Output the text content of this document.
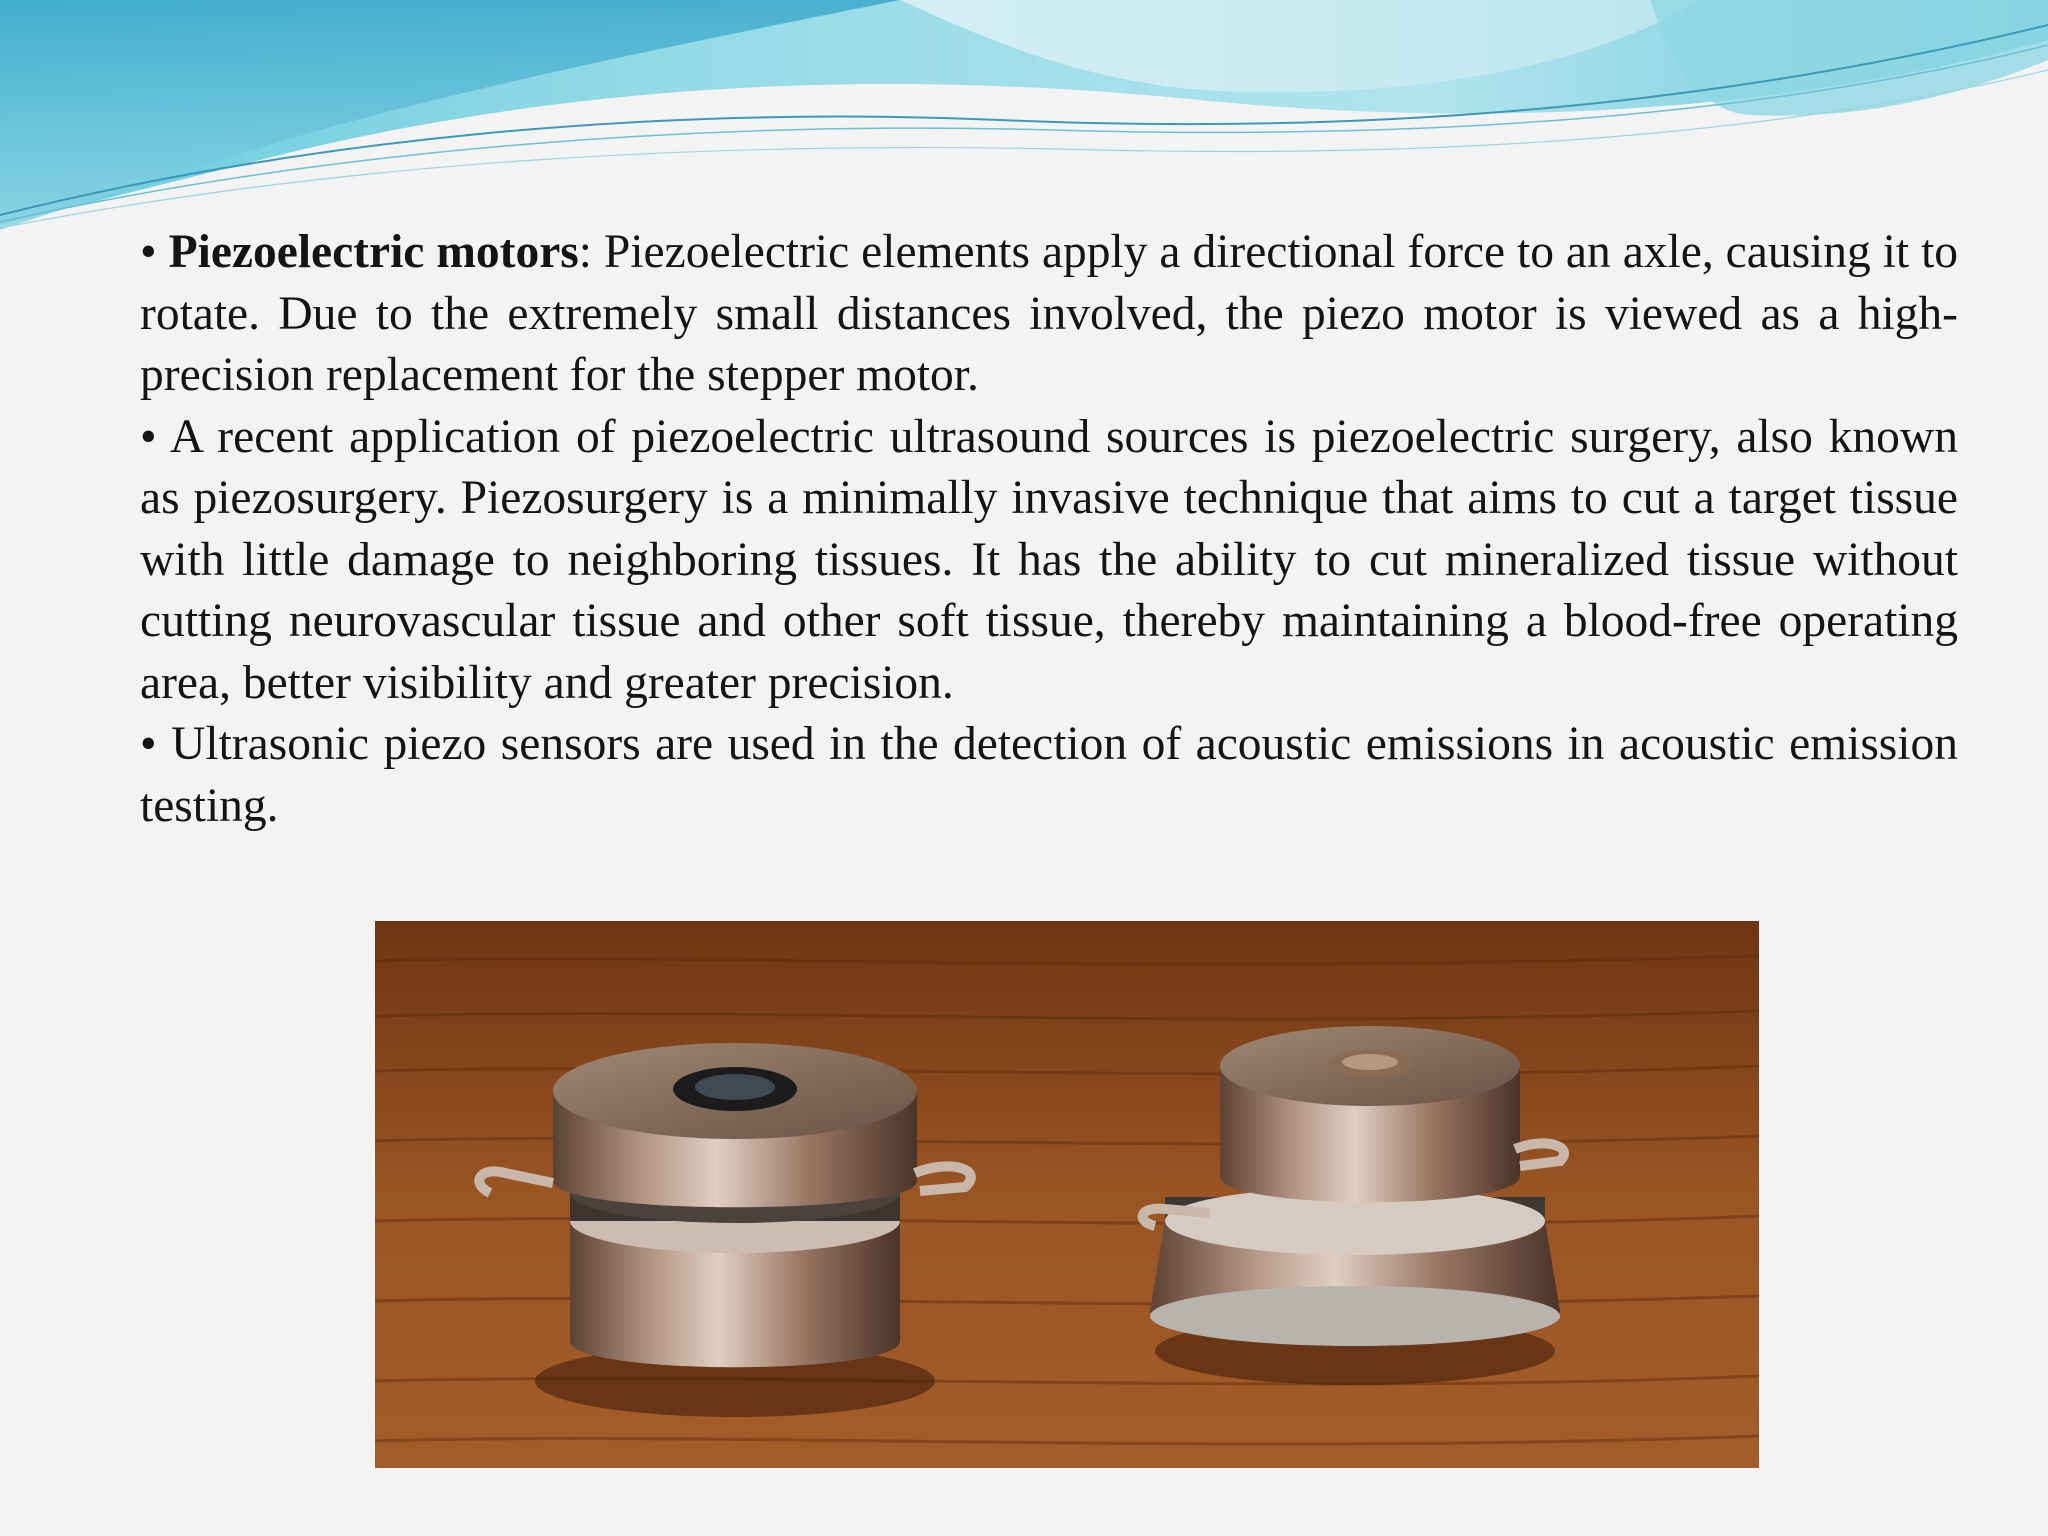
• Piezoelectric motors: Piezoelectric elements apply a directional force to an axle, causing it to rotate. Due to the extremely small distances involved, the piezo motor is viewed as a high-precision replacement for the stepper motor.

• A recent application of piezoelectric ultrasound sources is piezoelectric surgery, also known as piezosurgery. Piezosurgery is a minimally invasive technique that aims to cut a target tissue with little damage to neighboring tissues. It has the ability to cut mineralized tissue without cutting neurovascular tissue and other soft tissue, thereby maintaining a blood-free operating area, better visibility and greater precision.

• Ultrasonic piezo sensors are used in the detection of acoustic emissions in acoustic emission testing.
